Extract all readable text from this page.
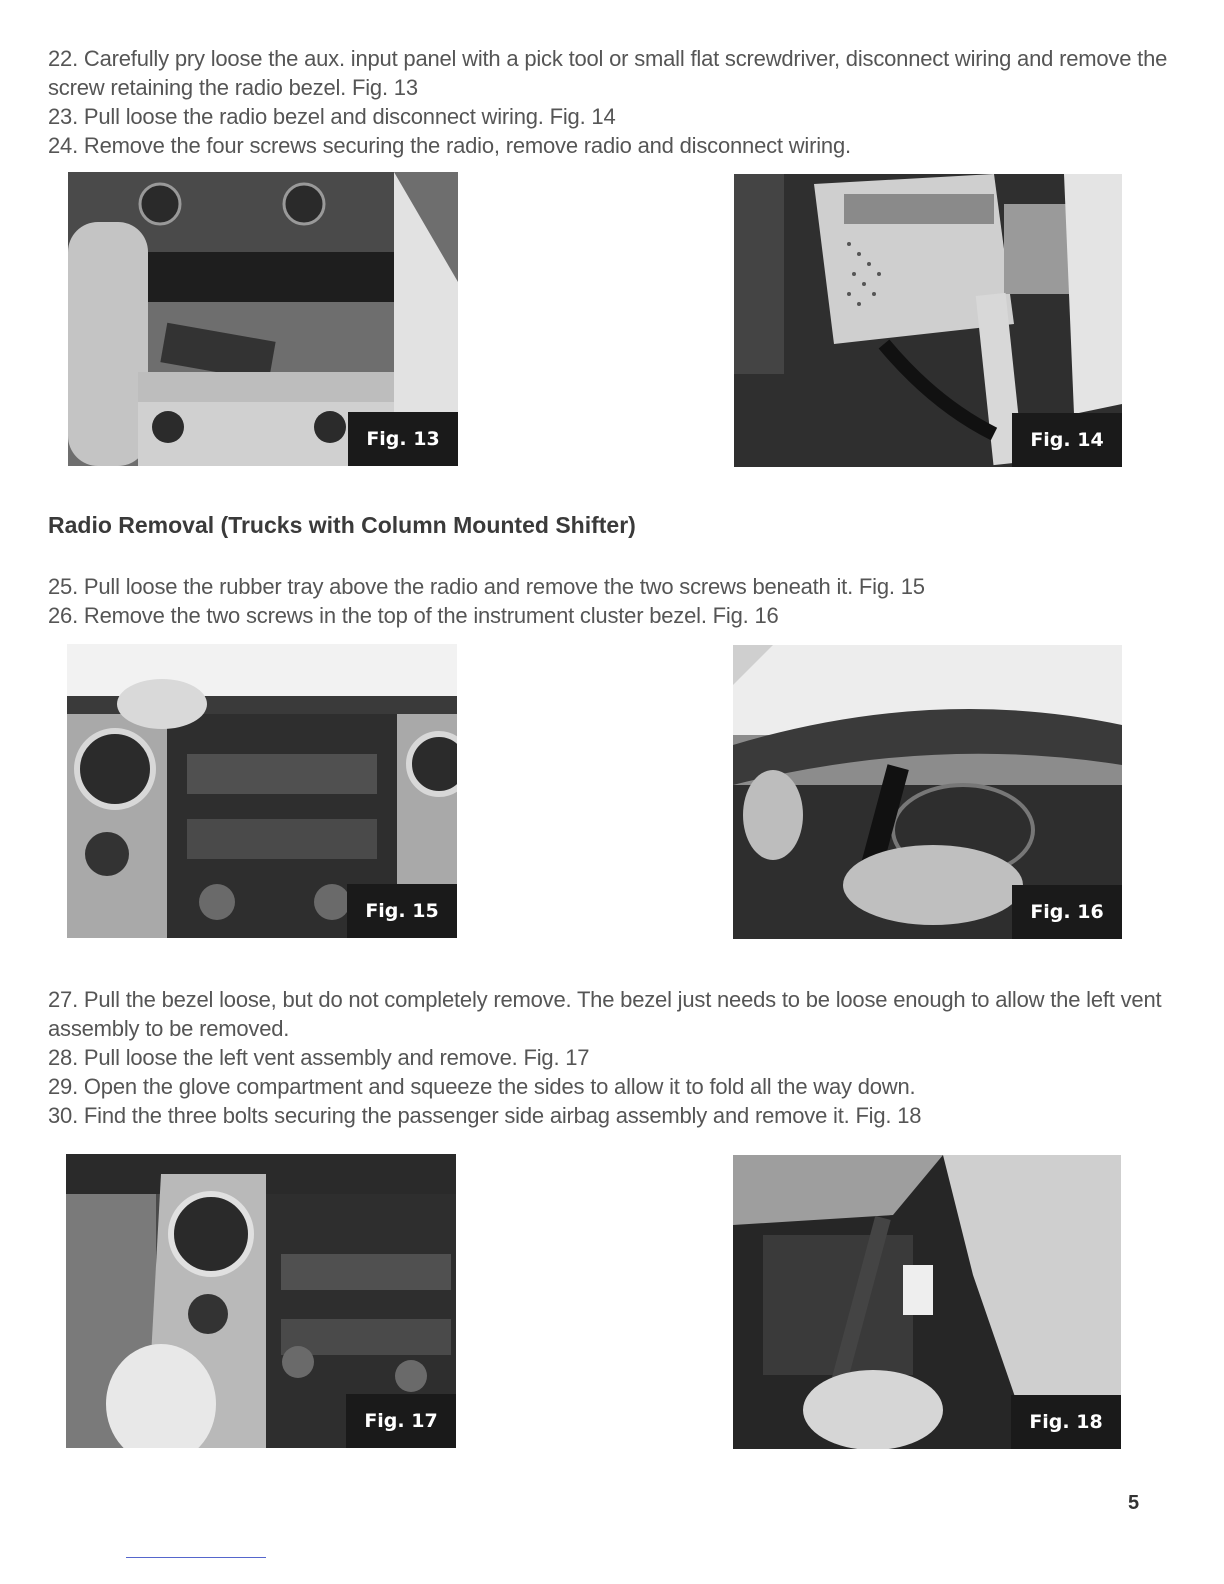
22. Carefully pry loose the aux. input panel with a pick tool or small flat screwdriver, disconnect wiring and remove the screw retaining the radio bezel. Fig. 13
23. Pull loose the radio bezel and disconnect wiring. Fig. 14
24. Remove the four screws securing the radio, remove radio and disconnect wiring.
Fig. 13	Fig. 14
Radio Removal (Trucks with Column Mounted Shifter)
25. Pull loose the rubber tray above the radio and remove the two screws beneath it. Fig. 15
26. Remove the two screws in the top of the instrument cluster bezel. Fig. 16
Fig. 15	Fig. 16
27. Pull the bezel loose, but do not completely remove. The bezel just needs to be loose enough to allow the left vent assembly to be removed.
28. Pull loose the left vent assembly and remove. Fig. 17
29. Open the glove compartment and squeeze the sides to allow it to fold all the way down.
30. Find the three bolts securing the passenger side airbag assembly and remove it. Fig. 18
Fig. 17	Fig. 18
5
